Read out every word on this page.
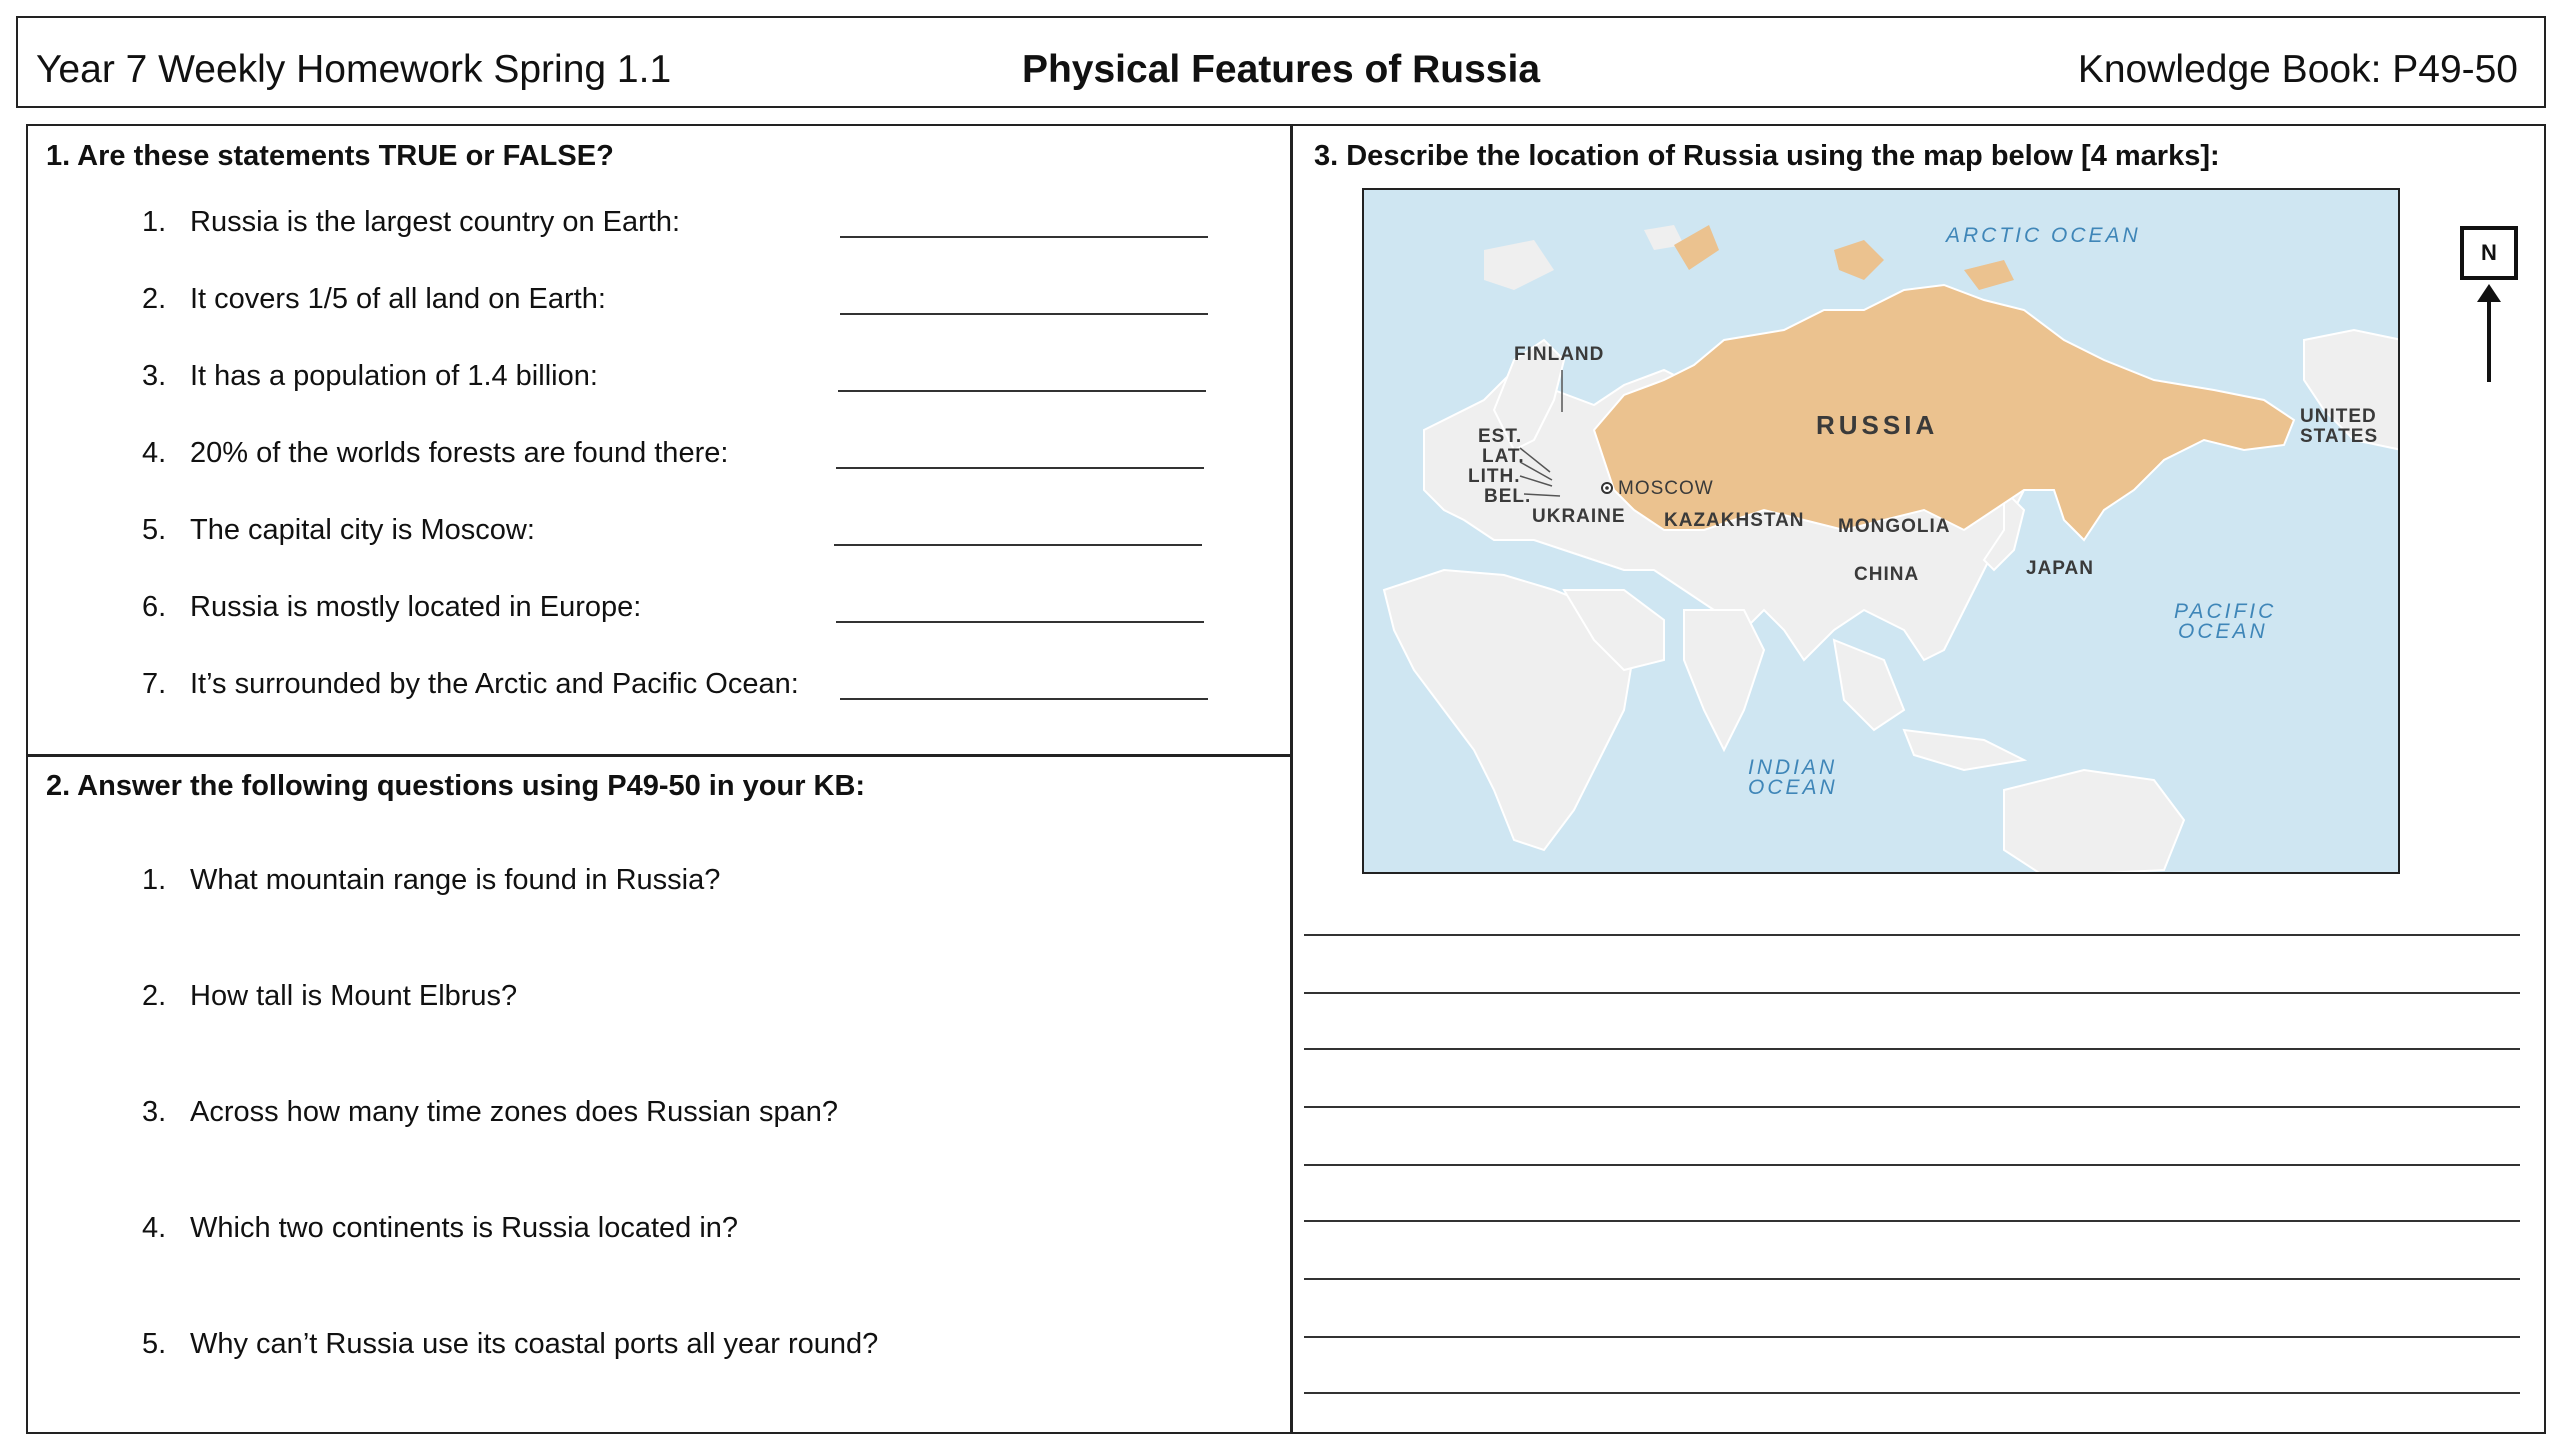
Year 7 Weekly Homework Spring 1.1	Physical Features of Russia	Knowledge Book: P49-50
1. Are these statements TRUE or FALSE?
1. Russia is the largest country on Earth:
2. It covers 1/5 of all land on Earth:
3. It has a population of 1.4 billion:
4. 20% of the worlds forests are found there:
5. The capital city is Moscow:
6. Russia is mostly located in Europe:
7. It’s surrounded by the Arctic and Pacific Ocean:
2. Answer the following questions using P49-50 in your KB:
1. What mountain range is found in Russia?
2. How tall is Mount Elbrus?
3. Across how many time zones does Russian span?
4. Which two continents is Russia located in?
5. Why can’t Russia use its coastal ports all year round?
3. Describe the location of Russia using the map below [4 marks]:
ARCTIC OCEAN
PACIFIC
OCEAN
INDIAN
OCEAN
RUSSIA
FINLAND
EST.
LAT.
LITH.
BEL.
UKRAINE
MOSCOW
KAZAKHSTAN MONGOLIA
CHINA	JAPAN
UNITED
STATES
N
